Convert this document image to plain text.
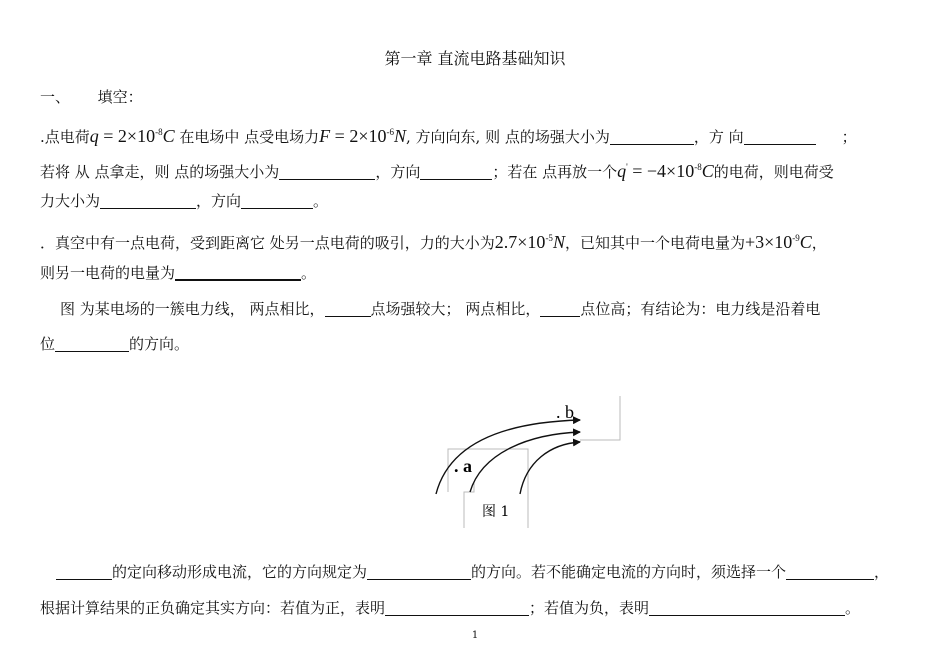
第一章 直流电路基础知识
一、 填空：
.点电荷$q = 2\times 10^{-8}C$ 在电场中 点受电场力$F = 2\times 10^{-6}N$, 方向向东, 则 点的场强大小为	，方 向	；
若将 从 点拿走，则 点的场强大小为	，方向	；若在 点再放一个$q' = -4\times 10^{-8}C$的电荷，则电荷受
力大小为	，方向	。
．真空中有一点电荷，受到距离它 处另一点电荷的吸引，力的大小为$2.7\times 10^{-5}N$，已知其中一个电荷电量为$+3\times 10^{-9}C$，
则另一电荷的电量为	。
图 为某电场的一簇电力线， 两点相比，	点场强较大； 两点相比，	点位高；有结论为：电力线是沿着电
位	的方向。
. a
. b
图 1
的定向移动形成电流，它的方向规定为	的方向。若不能确定电流的方向时，须选择一个	，
根据计算结果的正负确定其实方向：若值为正，表明	；若值为负，表明	。
1
